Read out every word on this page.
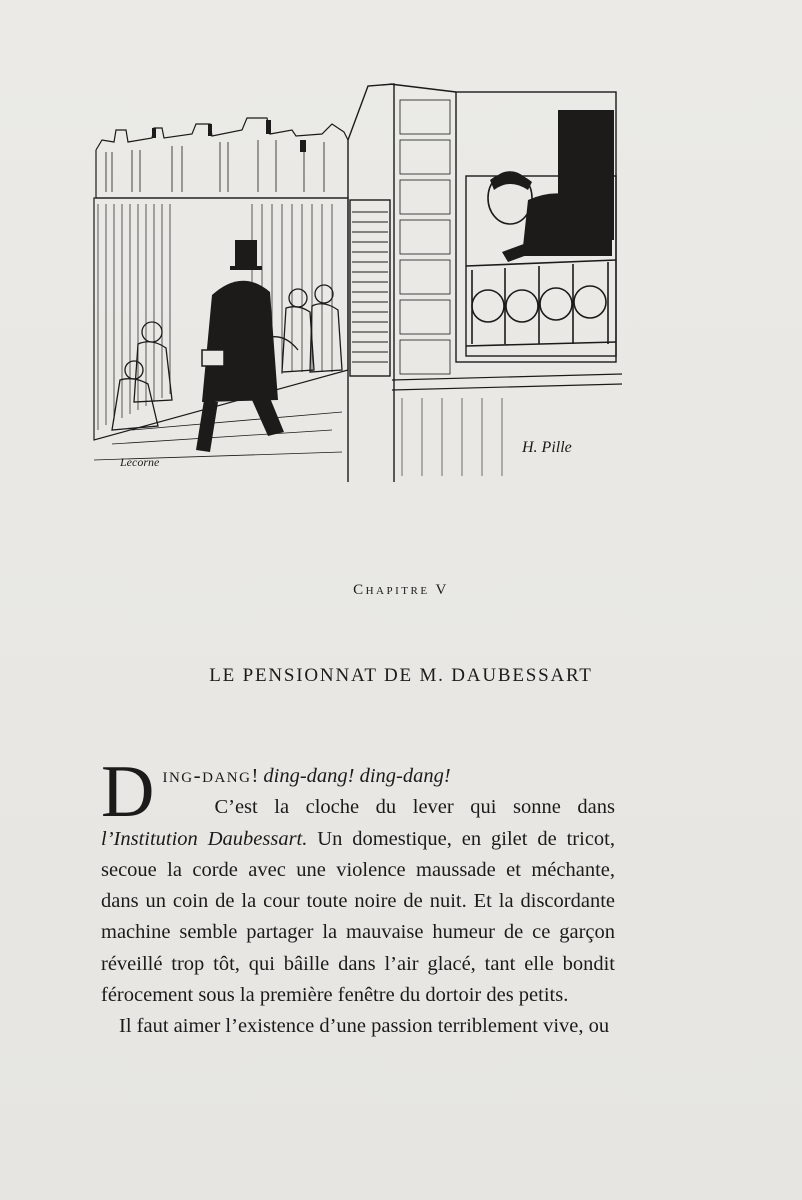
Lecorne
H. Pille
Chapitre V
LE PENSIONNAT DE M. DAUBESSART

Ding-dang! ding-dang! ding-dang!
C’est la cloche du lever qui sonne dans l’Institution Daubessart. Un domestique, en gilet de tricot, secoue la corde avec une violence maussade et méchante, dans un coin de la cour toute noire de nuit. Et la discordante machine semble partager la mauvaise humeur de ce garçon réveillé trop tôt, qui bâille dans l’air glacé, tant elle bondit férocement sous la première fenêtre du dortoir des petits.

Il faut aimer l’existence d’une passion terriblement vive, ou
